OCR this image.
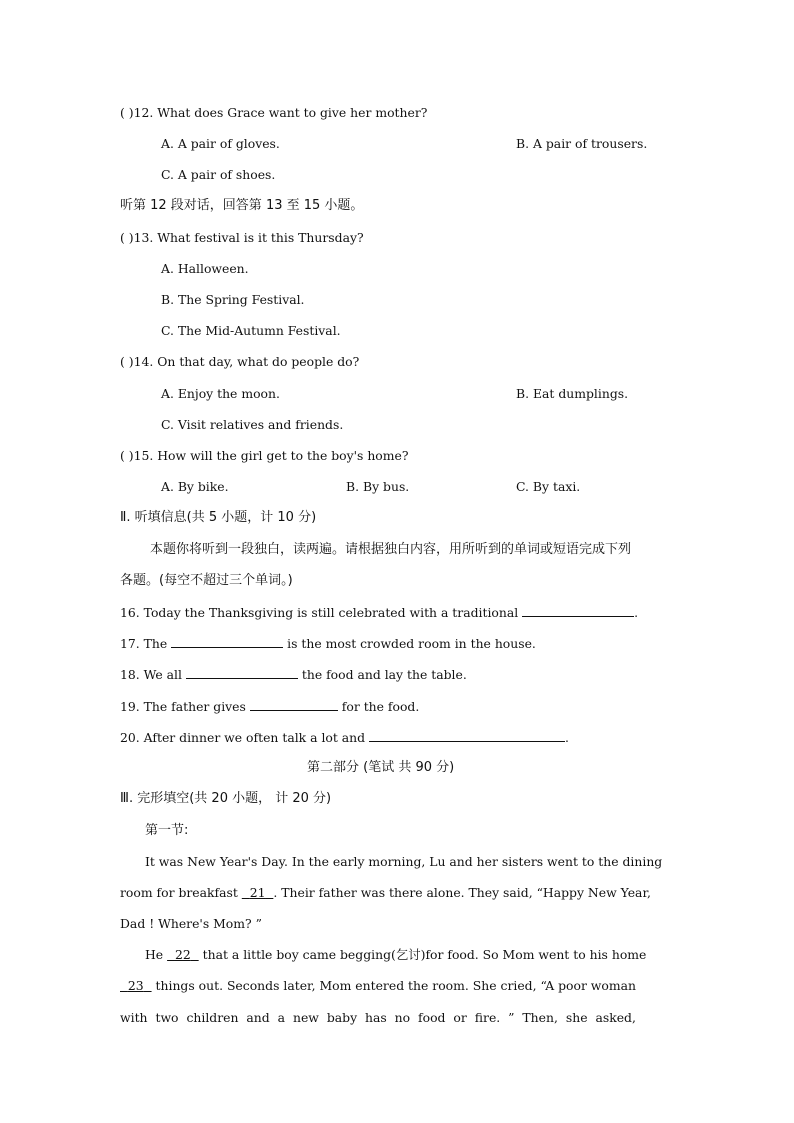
( )12. What does Grace want to give her mother?
A. A pair of gloves.	B. A pair of trousers.
C. A pair of shoes.
听第 12 段对话，回答第 13 至 15 小题。
( )13. What festival is it this Thursday?
A. Halloween.
B. The Spring Festival.
C. The Mid-Autumn Festival.
( )14. On that day, what do people do?
A. Enjoy the moon.	B. Eat dumplings.
C. Visit relatives and friends.
( )15. How will the girl get to the boy's home?
A. By bike.	B. By bus.	C. By taxi.
Ⅱ. 听填信息(共 5 小题，计 10 分)
本题你将听到一段独白，读两遍。请根据独白内容，用所听到的单词或短语完成下列
各题。(每空不超过三个单词。)
16. Today the Thanksgiving is still celebrated with a traditional	.
17. The	is the most crowded room in the house.
18. We all	the food and lay the table.
19. The father gives	for the food.
20. After dinner we often talk a lot and	.
第二部分 (笔试 共 90 分)
Ⅲ. 完形填空(共 20 小题， 计 20 分)
第一节:
It was New Year's Day. In the early morning, Lu and her sisters went to the dining
room for breakfast 21 . Their father was there alone. They said, “Happy New Year,
Dad ! Where's Mom? ”
He 22 that a little boy came begging(乞讨)for food. So Mom went to his home
23 things out. Seconds later, Mom entered the room. She cried, “A poor woman
with two children and a new baby has no food or fire. ” Then, she asked,
